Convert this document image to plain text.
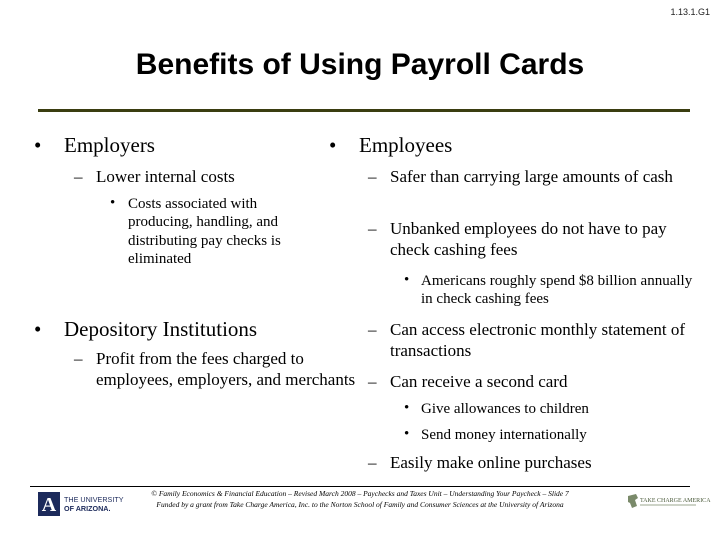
1.13.1.G1
Benefits of Using Payroll Cards
• Employers
– Lower internal costs
• Costs associated with producing, handling, and distributing pay checks is eliminated
• Depository Institutions
– Profit from the fees charged to employees, employers, and merchants
• Employees
– Safer than carrying large amounts of cash
– Unbanked employees do not have to pay check cashing fees
• Americans roughly spend $8 billion annually in check cashing fees
– Can access electronic monthly statement of transactions
– Can receive a second card
• Give allowances to children
• Send money internationally
– Easily make online purchases
A THE UNIVERSITY
OF ARIZONA.
© Family Economics & Financial Education – Revised March 2008 – Paychecks and Taxes Unit – Understanding Your Paycheck – Slide 7
Funded by a grant from Take Charge America, Inc. to the Norton School of Family and Consumer Sciences at the University of Arizona	TAKE CHARGE AMERICA
